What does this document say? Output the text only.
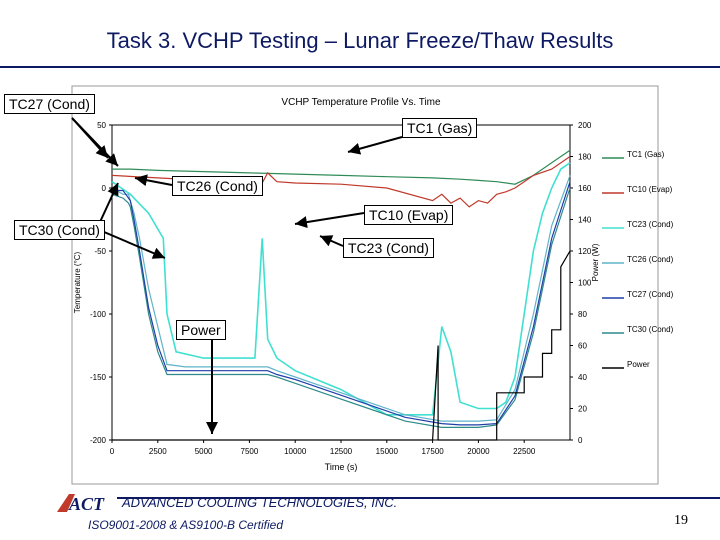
Task 3. VCHP Testing – Lunar Freeze/Thaw Results
VCHP Temperature Profile Vs. Time
0	2500	5000	7500	10000	12500	15000	17500	20000	22500
Time (s)
50
0
-50
-100
-150
-200
Temperature (°C)
200
180
160
140
120
100
80
60
40
20
0
Power (W)
TC1 (Gas)
TC10 (Evap)
TC23 (Cond)
TC26 (Cond)
TC27 (Cond)
TC30 (Cond)
Power
TC27 (Cond)
TC1 (Gas)
TC26 (Cond)
TC10 (Evap)
TC30 (Cond)
TC23 (Cond)
Power
ACT ADVANCED COOLING TECHNOLOGIES, INC.
ISO9001-2008 & AS9100-B Certified	19
